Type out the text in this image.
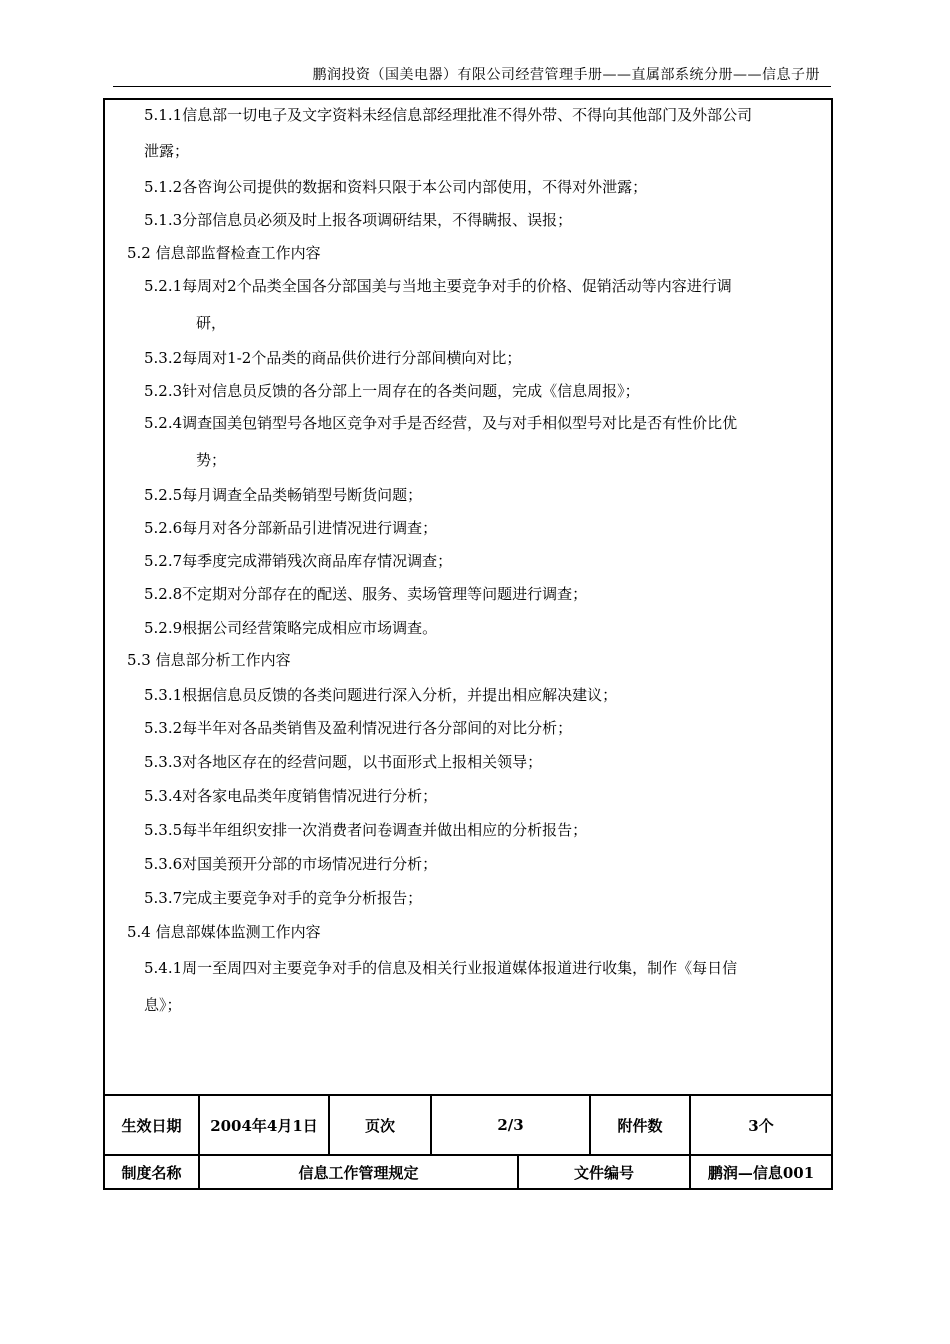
鹏润投资（国美电器）有限公司经营管理手册——直属部系统分册——信息子册
5.1.1信息部一切电子及文字资料未经信息部经理批准不得外带、不得向其他部门及外部公司
泄露；
5.1.2各咨询公司提供的数据和资料只限于本公司内部使用，不得对外泄露；
5.1.3分部信息员必须及时上报各项调研结果，不得瞒报、误报；
5.2 信息部监督检查工作内容
5.2.1每周对2个品类全国各分部国美与当地主要竞争对手的价格、促销活动等内容进行调
研，
5.3.2每周对1-2个品类的商品供价进行分部间横向对比；
5.2.3针对信息员反馈的各分部上一周存在的各类问题，完成《信息周报》；
5.2.4调查国美包销型号各地区竞争对手是否经营，及与对手相似型号对比是否有性价比优
势；
5.2.5每月调查全品类畅销型号断货问题；
5.2.6每月对各分部新品引进情况进行调查；
5.2.7每季度完成滞销残次商品库存情况调查；
5.2.8不定期对分部存在的配送、服务、卖场管理等问题进行调查；
5.2.9根据公司经营策略完成相应市场调查。
5.3 信息部分析工作内容
5.3.1根据信息员反馈的各类问题进行深入分析，并提出相应解决建议；
5.3.2每半年对各品类销售及盈利情况进行各分部间的对比分析；
5.3.3对各地区存在的经营问题，以书面形式上报相关领导；
5.3.4对各家电品类年度销售情况进行分析；
5.3.5每半年组织安排一次消费者问卷调查并做出相应的分析报告；
5.3.6对国美预开分部的市场情况进行分析；
5.3.7完成主要竞争对手的竞争分析报告；
5.4 信息部媒体监测工作内容
5.4.1周一至周四对主要竞争对手的信息及相关行业报道媒体报道进行收集，制作《每日信
息》；
生效日期	2004年4月1日	页次	2/3		附件数	3个
制度名称	信息工作管理规定			文件编号		鹏润—信息001
